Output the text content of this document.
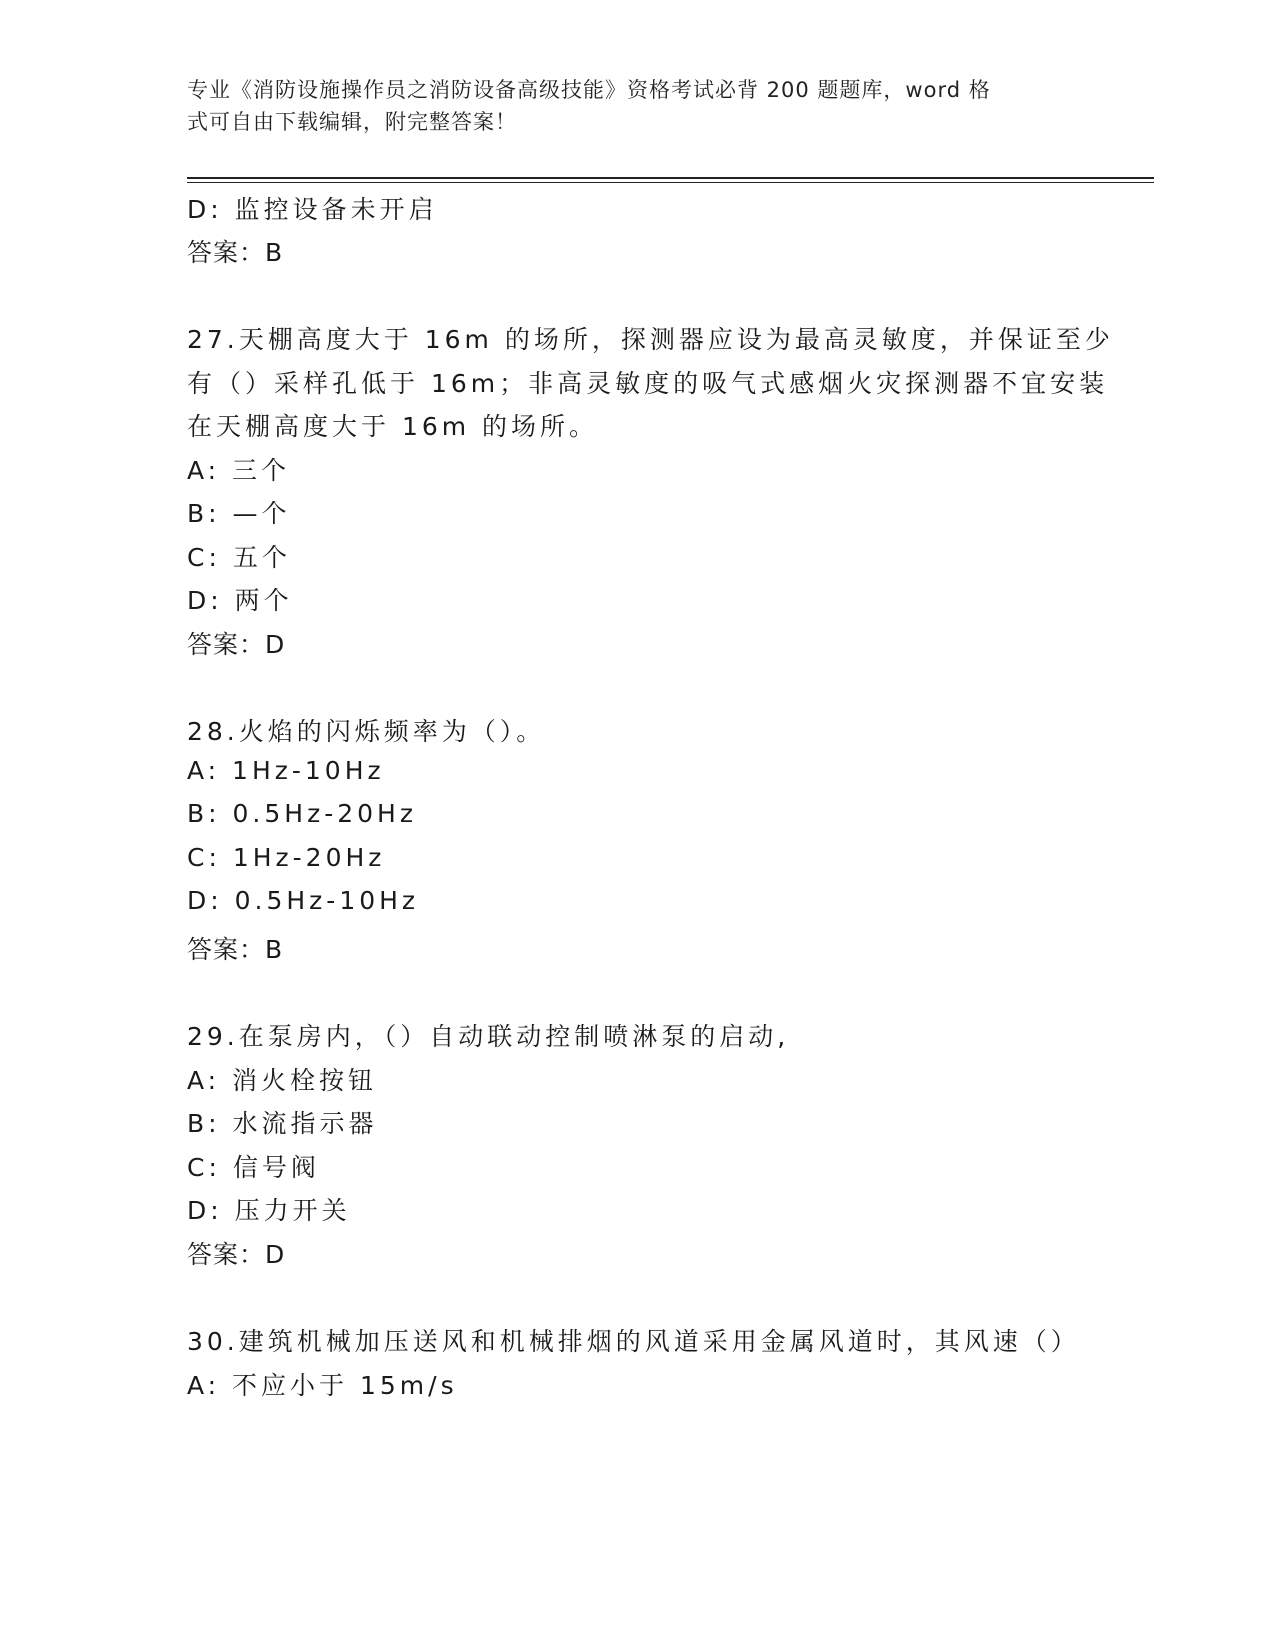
专业《消防设施操作员之消防设备高级技能》资格考试必背 200 题题库，word 格
式可自由下载编辑，附完整答案！
D: 监控设备未开启
答案：B
27.天棚高度大于 16m 的场所，探测器应设为最高灵敏度，并保证至少
有（）采样孔低于 16m；非高灵敏度的吸气式感烟火灾探测器不宜安装
在天棚高度大于 16m 的场所。
A: 三个
B: —个
C: 五个
D: 两个
答案：D
28.火焰的闪烁频率为（）。
A: 1Hz-10Hz
B: 0.5Hz-20Hz
C: 1Hz-20Hz
D: 0.5Hz-10Hz
答案：B
29.在泵房内，（）自动联动控制喷淋泵的启动,
A: 消火栓按钮
B: 水流指示器
C: 信号阀
D: 压力开关
答案：D
30.建筑机械加压送风和机械排烟的风道采用金属风道时，其风速（）
A: 不应小于 15m/s
